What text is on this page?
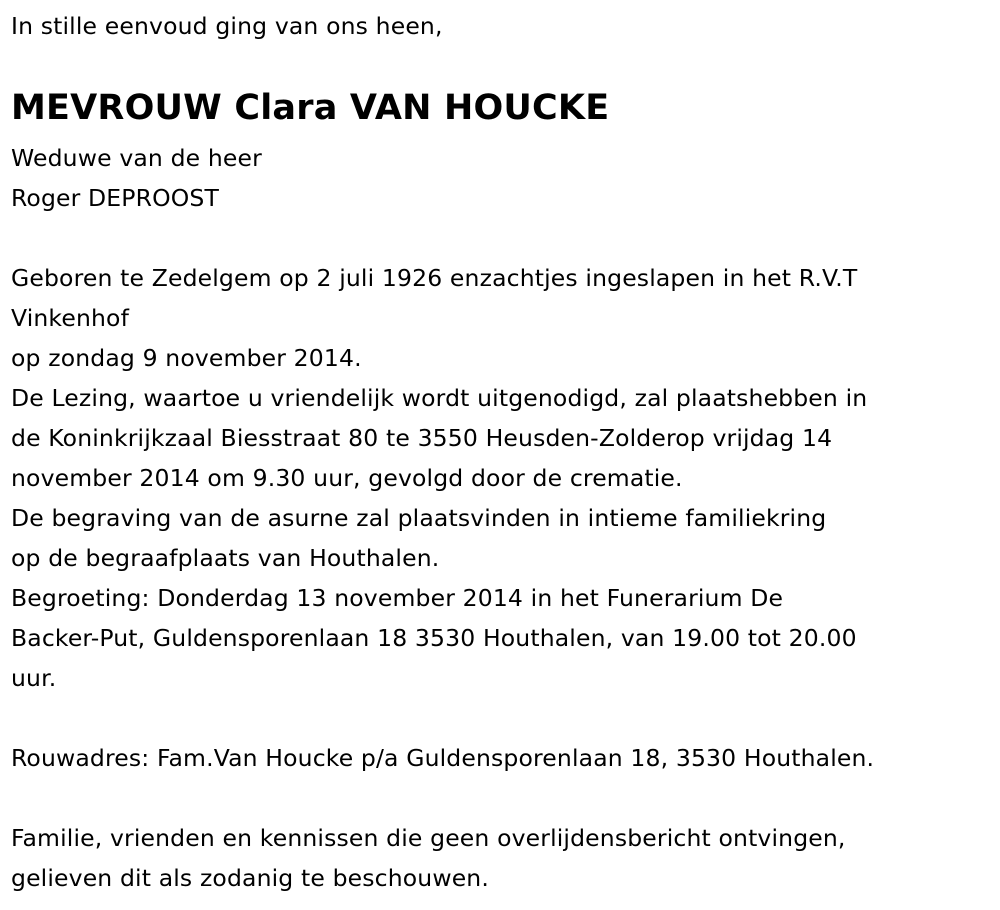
In stille eenvoud ging van ons heen,
MEVROUW Clara VAN HOUCKE
Weduwe van de heer
Roger DEPROOST
Geboren te Zedelgem op 2 juli 1926 enzachtjes ingeslapen in het R.V.T
Vinkenhof
op zondag 9 november 2014.
De Lezing, waartoe u vriendelijk wordt uitgenodigd, zal plaatshebben in
de Koninkrijkzaal Biesstraat 80 te 3550 Heusden-Zolderop vrijdag 14
november 2014 om 9.30 uur, gevolgd door de crematie.
De begraving van de asurne zal plaatsvinden in intieme familiekring
op de begraafplaats van Houthalen.
Begroeting: Donderdag 13 november 2014 in het Funerarium De
Backer-Put, Guldensporenlaan 18 3530 Houthalen, van 19.00 tot 20.00
uur.
Rouwadres: Fam.Van Houcke p/a Guldensporenlaan 18, 3530 Houthalen.
Familie, vrienden en kennissen die geen overlijdensbericht ontvingen,
gelieven dit als zodanig te beschouwen.
